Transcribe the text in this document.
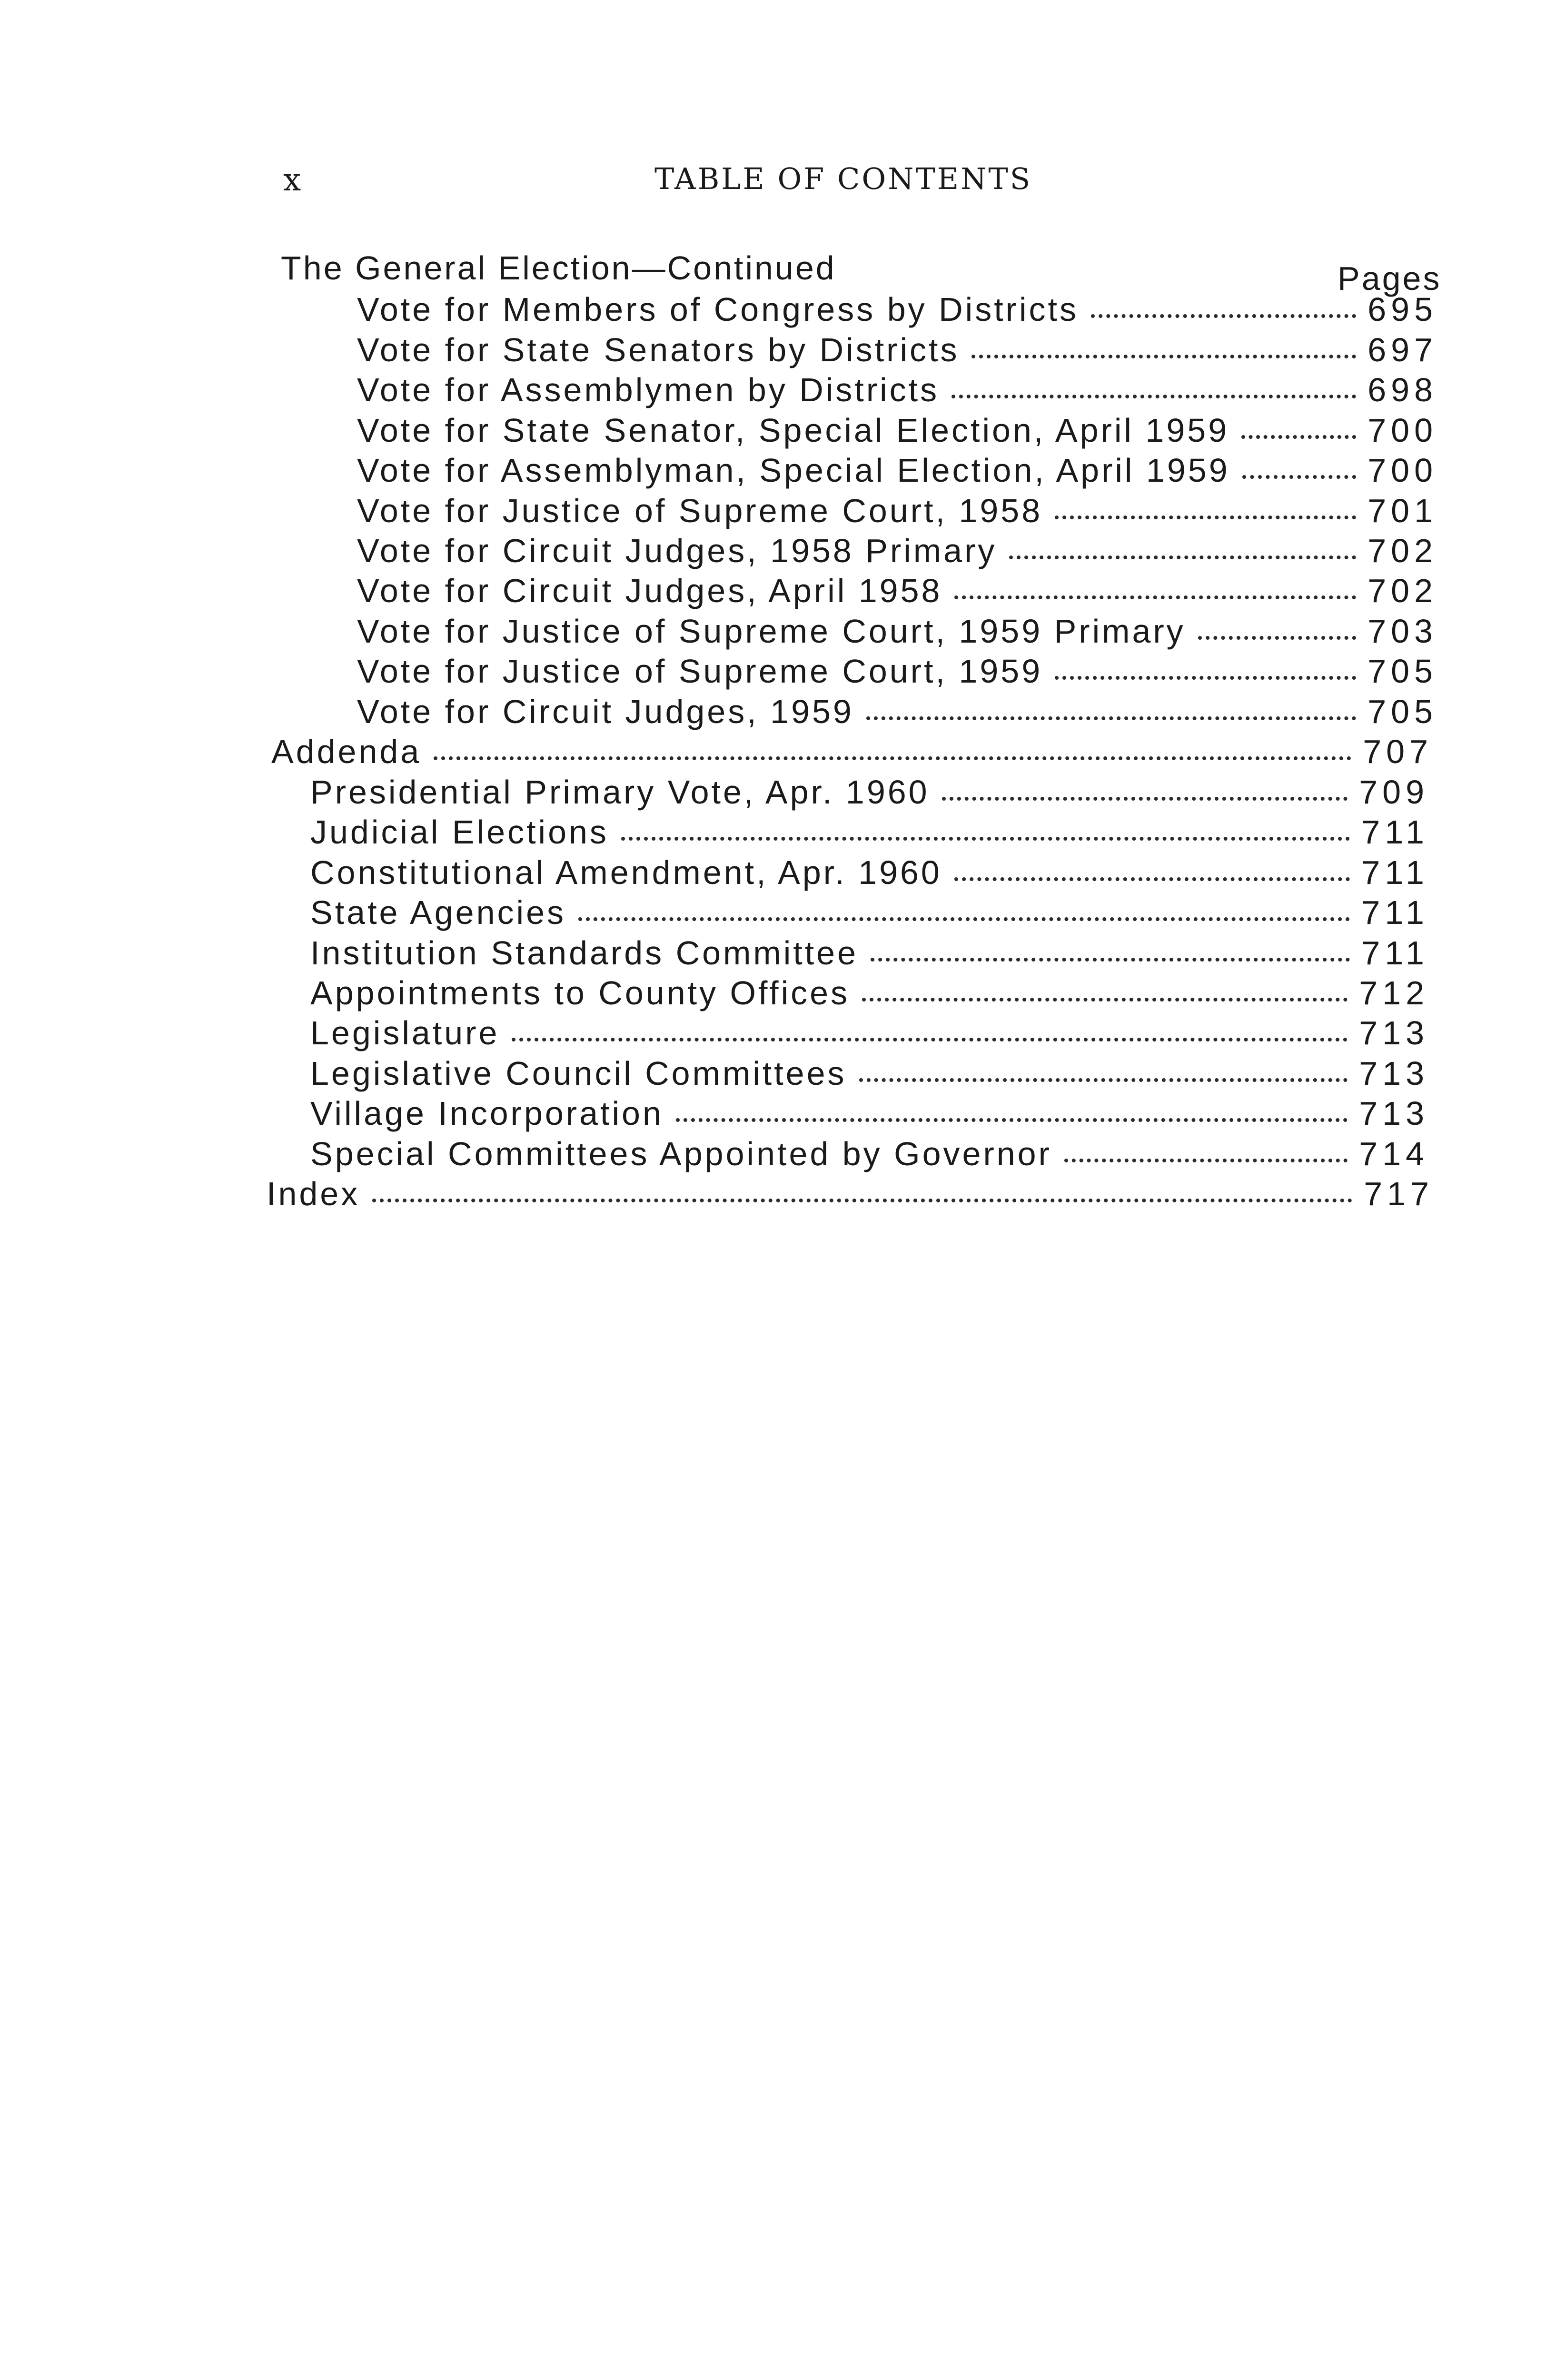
x	TABLE OF CONTENTS
The General Election—Continued	Pages
Vote for Members of Congress by Districts	695
Vote for State Senators by Districts	697
Vote for Assemblymen by Districts	698
Vote for State Senator, Special Election, April 1959	700
Vote for Assemblyman, Special Election, April 1959	700
Vote for Justice of Supreme Court, 1958	701
Vote for Circuit Judges, 1958 Primary	702
Vote for Circuit Judges, April 1958	702
Vote for Justice of Supreme Court, 1959 Primary	703
Vote for Justice of Supreme Court, 1959	705
Vote for Circuit Judges, 1959	705
Addenda	707
Presidential Primary Vote, Apr. 1960	709
Judicial Elections	711
Constitutional Amendment, Apr. 1960	711
State Agencies	711
Institution Standards Committee	711
Appointments to County Offices	712
Legislature	713
Legislative Council Committees	713
Village Incorporation	713
Special Committees Appointed by Governor	714
Index	717
